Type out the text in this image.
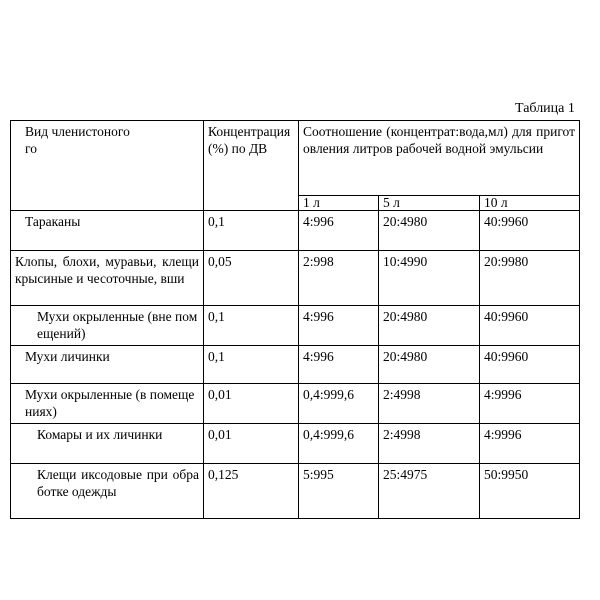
Таблица 1
Вид членистоногого	Концентрация (%) по ДВ	Соотношение (концентрат:вода,мл) для приготовления литров рабочей водной эмульсии		
		1 л	5 л	10 л
Тараканы	0,1	4:996	20:4980	40:9960
Клопы, блохи, муравьи, клещи крысиные и чесоточные, вши	0,05	2:998	10:4990	20:9980
Мухи окрыленные (вне помещений)	0,1	4:996	20:4980	40:9960
Мухи личинки	0,1	4:996	20:4980	40:9960
Мухи окрыленные (в помещениях)	0,01	0,4:999,6	2:4998	4:9996
Комары и их личинки	0,01	0,4:999,6	2:4998	4:9996
Клещи иксодовые при обработке одежды	0,125	5:995	25:4975	50:9950
